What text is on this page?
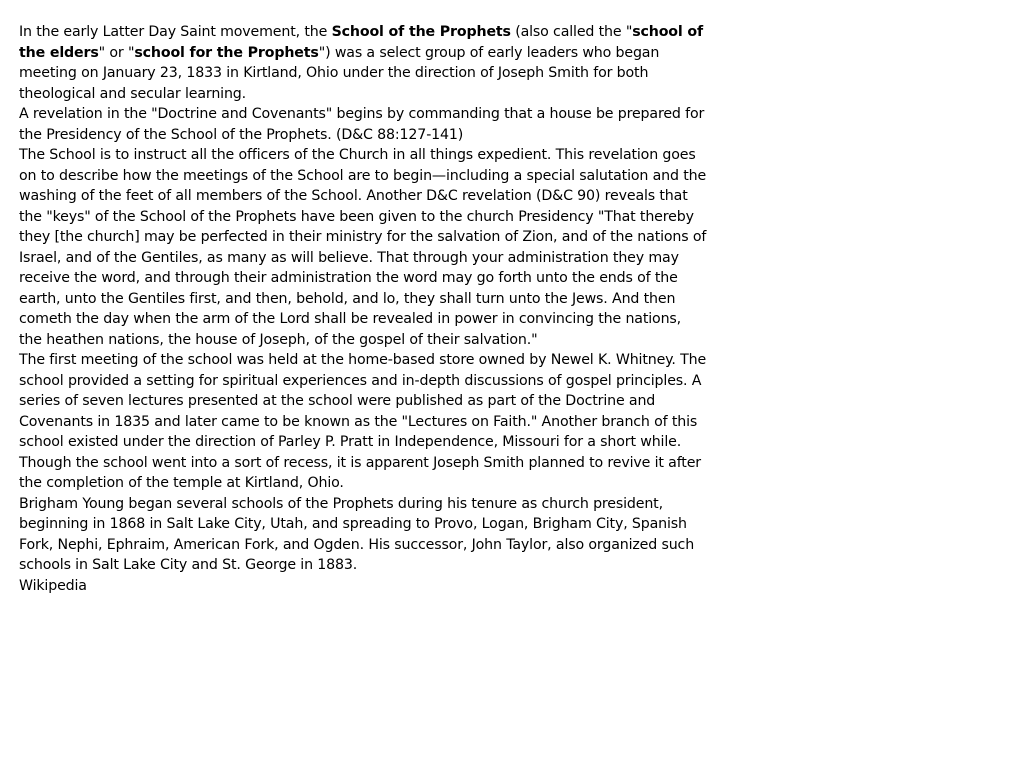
In the early Latter Day Saint movement, the School of the Prophets (also called the "school of the elders" or "school for the Prophets") was a select group of early leaders who began meeting on January 23, 1833 in Kirtland, Ohio under the direction of Joseph Smith for both theological and secular learning.

A revelation in the "Doctrine and Covenants" begins by commanding that a house be prepared for the Presidency of the School of the Prophets. (D&C 88:127-141)

The School is to instruct all the officers of the Church in all things expedient. This revelation goes on to describe how the meetings of the School are to begin—including a special salutation and the washing of the feet of all members of the School. Another D&C revelation (D&C 90) reveals that the "keys" of the School of the Prophets have been given to the church Presidency "That thereby they [the church] may be perfected in their ministry for the salvation of Zion, and of the nations of Israel, and of the Gentiles, as many as will believe. That through your administration they may receive the word, and through their administration the word may go forth unto the ends of the earth, unto the Gentiles first, and then, behold, and lo, they shall turn unto the Jews. And then cometh the day when the arm of the Lord shall be revealed in power in convincing the nations, the heathen nations, the house of Joseph, of the gospel of their salvation."

The first meeting of the school was held at the home-based store owned by Newel K. Whitney. The school provided a setting for spiritual experiences and in-depth discussions of gospel principles. A series of seven lectures presented at the school were published as part of the Doctrine and Covenants in 1835 and later came to be known as the "Lectures on Faith." Another branch of this school existed under the direction of Parley P. Pratt in Independence, Missouri for a short while. Though the school went into a sort of recess, it is apparent Joseph Smith planned to revive it after the completion of the temple at Kirtland, Ohio.

Brigham Young began several schools of the Prophets during his tenure as church president, beginning in 1868 in Salt Lake City, Utah, and spreading to Provo, Logan, Brigham City, Spanish Fork, Nephi, Ephraim, American Fork, and Ogden. His successor, John Taylor, also organized such schools in Salt Lake City and St. George in 1883.

Wikipedia
